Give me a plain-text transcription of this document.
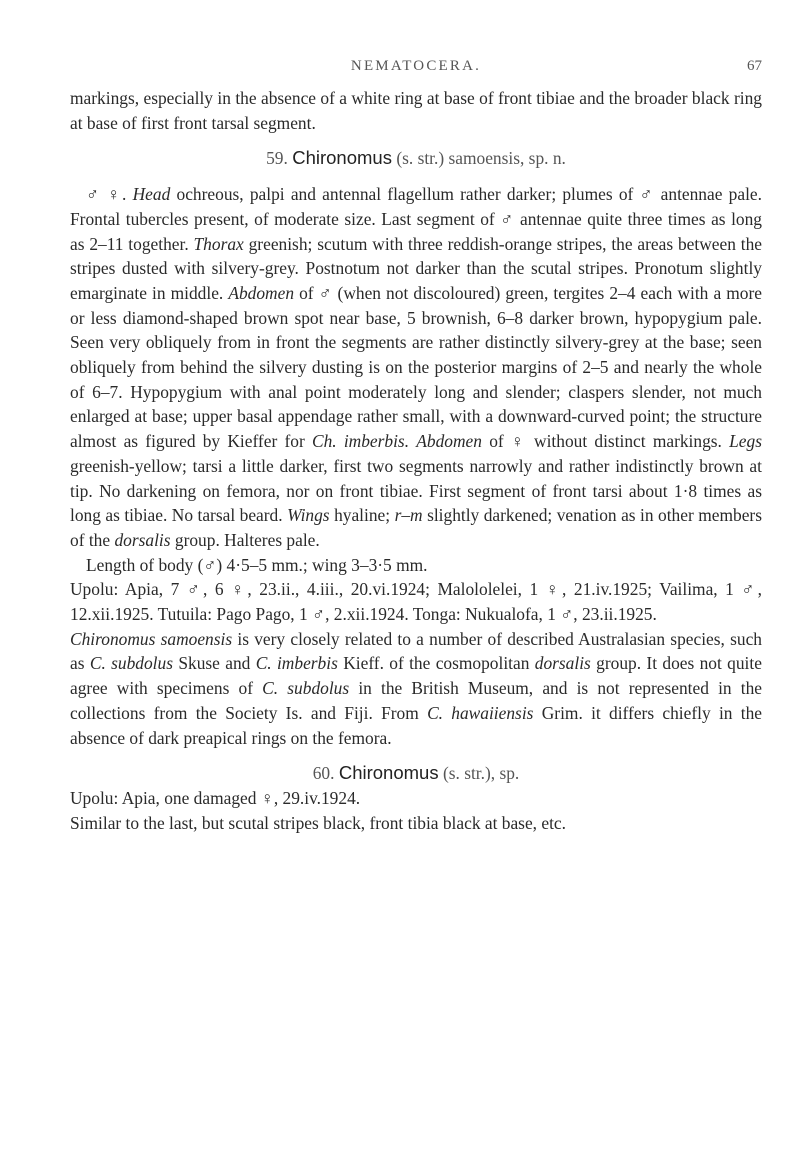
NEMATOCERA.	67

markings, especially in the absence of a white ring at base of front tibiae and the broader black ring at base of first front tarsal segment.

59. Chironomus (s. str.) samoensis, sp. n.

♂ ♀. Head ochreous, palpi and antennal flagellum rather darker; plumes of ♂ antennae pale. Frontal tubercles present, of moderate size. Last segment of ♂ antennae quite three times as long as 2–11 together. Thorax greenish; scutum with three reddish-orange stripes, the areas between the stripes dusted with silvery-grey. Postnotum not darker than the scutal stripes. Pronotum slightly emarginate in middle. Abdomen of ♂ (when not discoloured) green, tergites 2–4 each with a more or less diamond-shaped brown spot near base, 5 brownish, 6–8 darker brown, hypopygium pale. Seen very obliquely from in front the segments are rather distinctly silvery-grey at the base; seen obliquely from behind the silvery dusting is on the posterior margins of 2–5 and nearly the whole of 6–7. Hypopygium with anal point moderately long and slender; claspers slender, not much enlarged at base; upper basal appendage rather small, with a downward-curved point; the structure almost as figured by Kieffer for Ch. imberbis. Abdomen of ♀ without distinct markings. Legs greenish-yellow; tarsi a little darker, first two segments narrowly and rather indistinctly brown at tip. No darkening on femora, nor on front tibiae. First segment of front tarsi about 1·8 times as long as tibiae. No tarsal beard. Wings hyaline; r–m slightly darkened; venation as in other members of the dorsalis group. Halteres pale.

Length of body (♂) 4·5–5 mm.; wing 3–3·5 mm.

Upolu: Apia, 7 ♂, 6 ♀, 23.ii., 4.iii., 20.vi.1924; Malololelei, 1 ♀, 21.iv.1925; Vailima, 1 ♂, 12.xii.1925. Tutuila: Pago Pago, 1 ♂, 2.xii.1924. Tonga: Nukualofa, 1 ♂, 23.ii.1925.

Chironomus samoensis is very closely related to a number of described Australasian species, such as C. subdolus Skuse and C. imberbis Kieff. of the cosmopolitan dorsalis group. It does not quite agree with specimens of C. subdolus in the British Museum, and is not represented in the collections from the Society Is. and Fiji. From C. hawaiiensis Grim. it differs chiefly in the absence of dark preapical rings on the femora.

60. Chironomus (s. str.), sp.

Upolu: Apia, one damaged ♀, 29.iv.1924.

Similar to the last, but scutal stripes black, front tibia black at base, etc.
